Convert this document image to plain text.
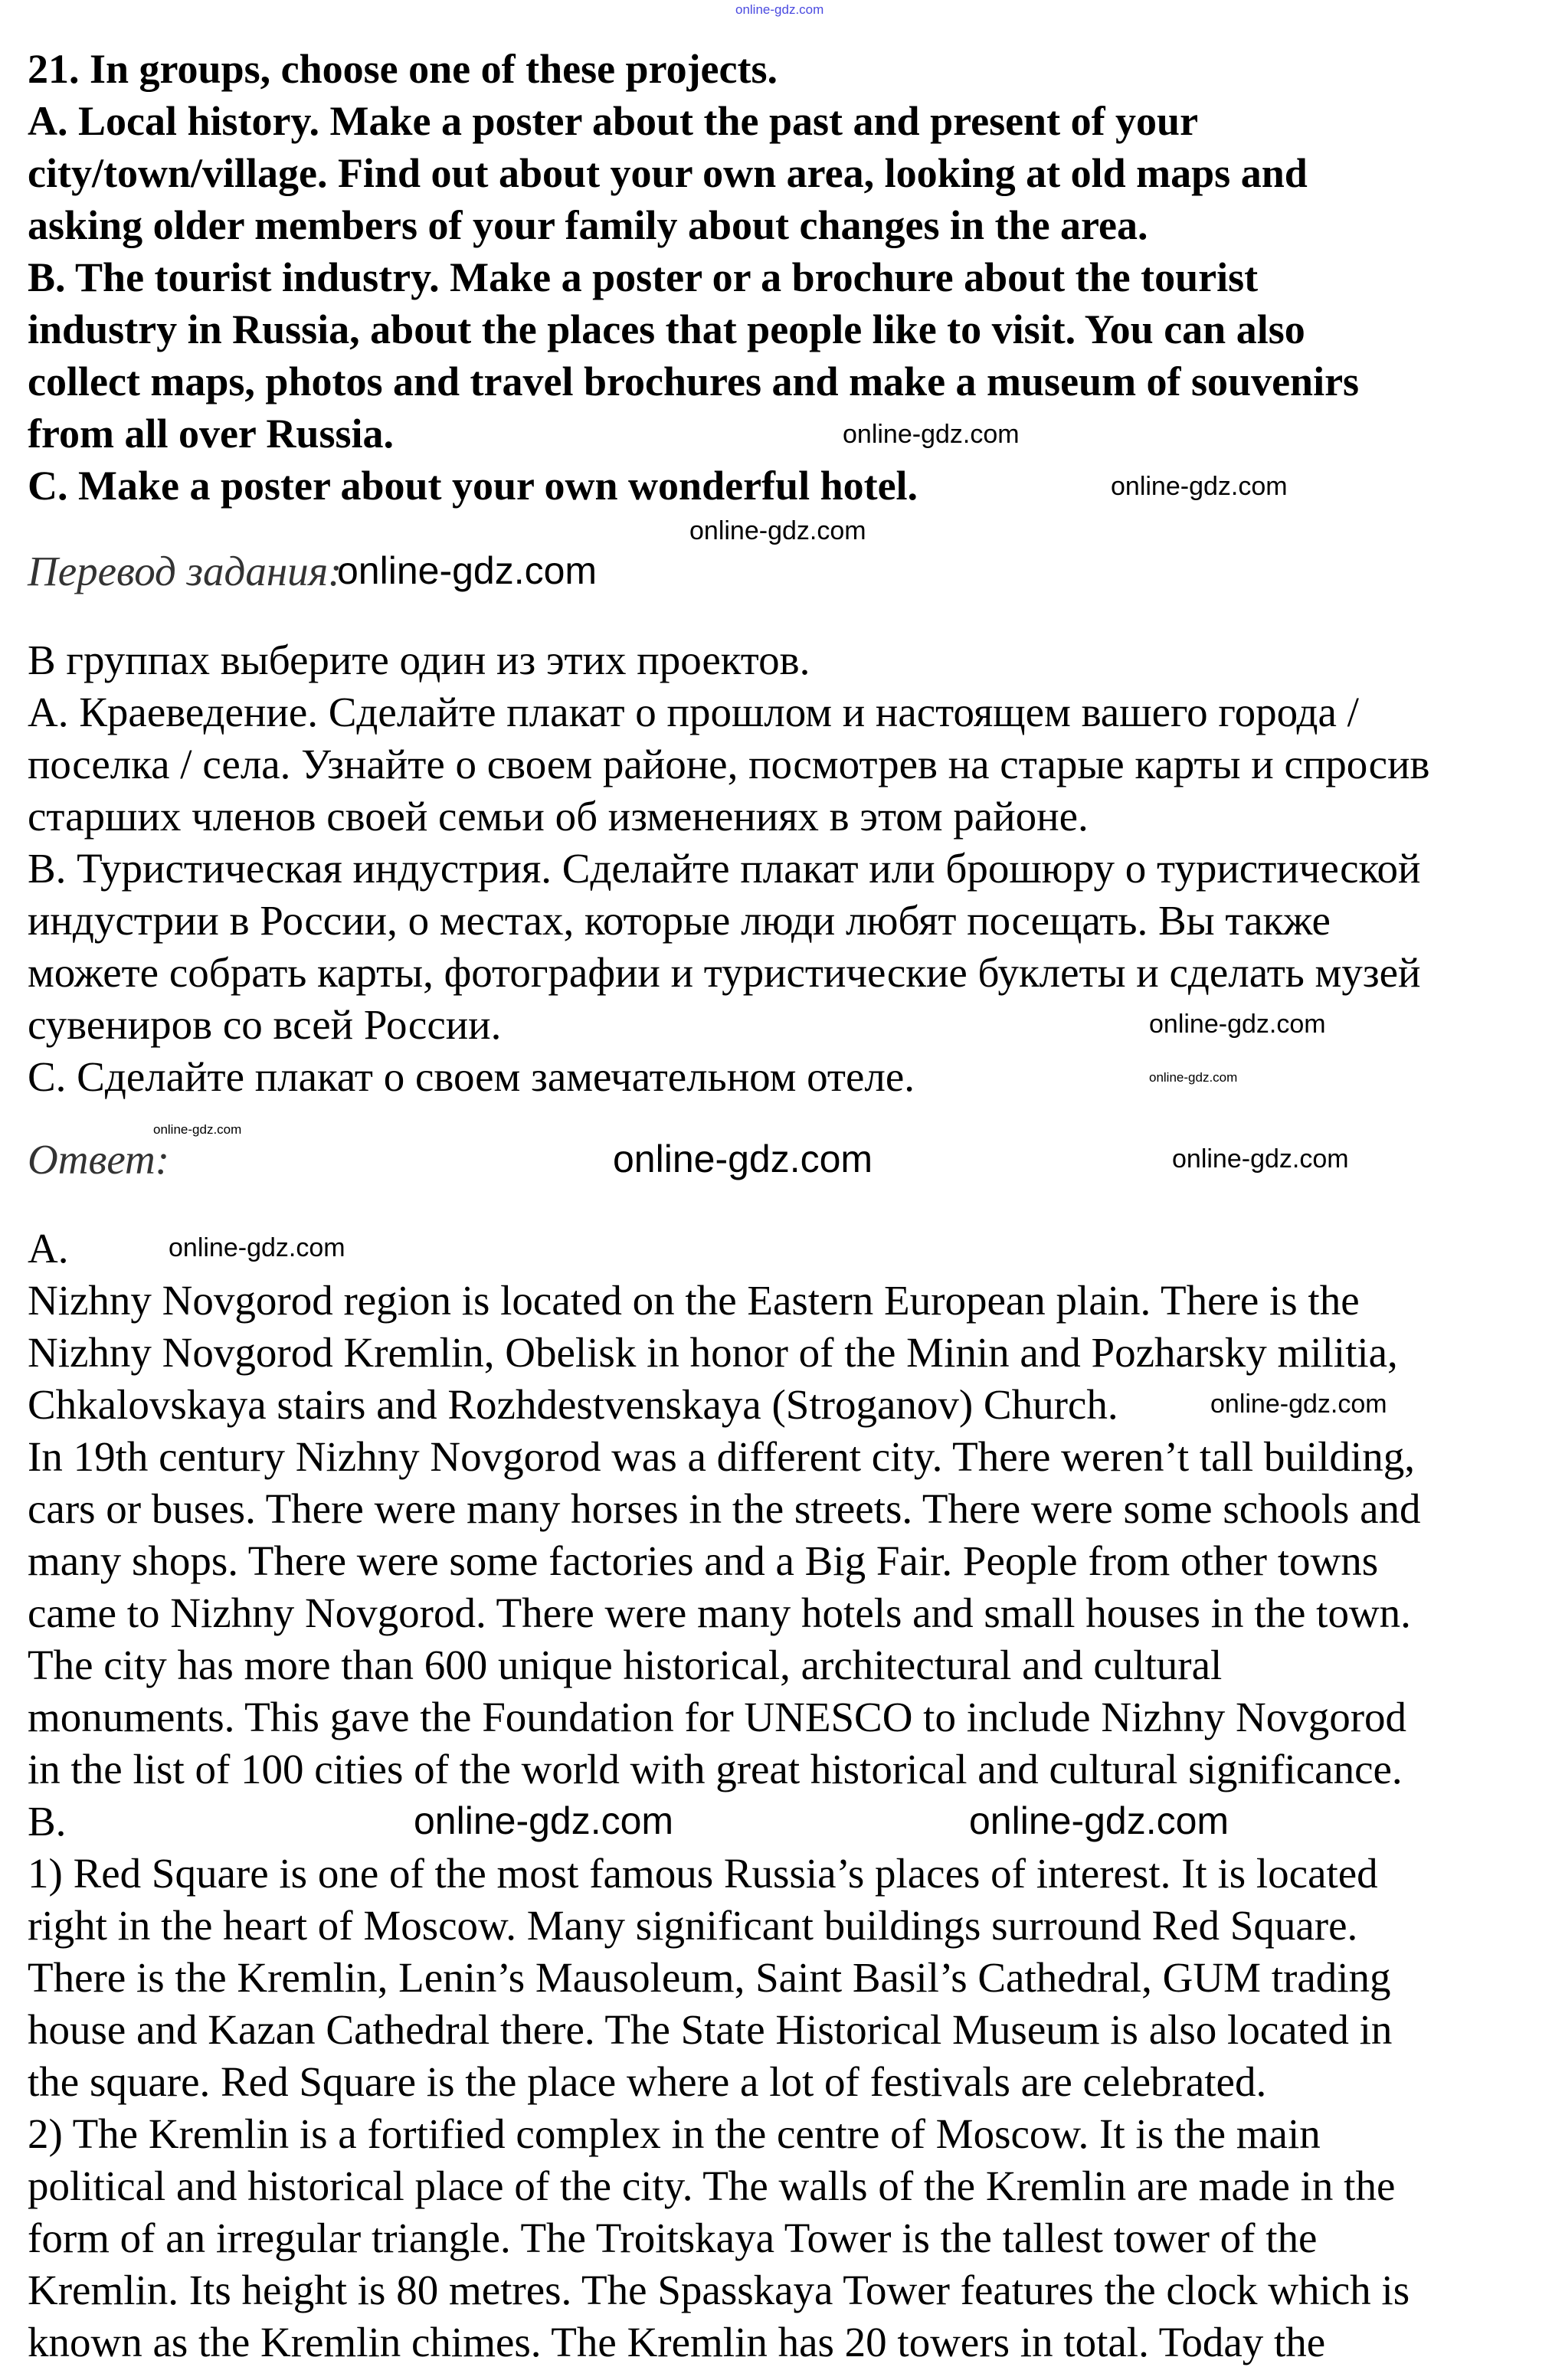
21. In groups, choose one of these projects.
A. Local history. Make a poster about the past and present of your
city/town/village. Find out about your own area, looking at old maps and
asking older members of your family about changes in the area.
B. The tourist industry. Make a poster or a brochure about the tourist
industry in Russia, about the places that people like to visit. You can also
collect maps, photos and travel brochures and make a museum of souvenirs
from all over Russia.
C. Make a poster about your own wonderful hotel.
Перевод задания:
В группах выберите один из этих проектов.
A. Краеведение. Сделайте плакат о прошлом и настоящем вашего города /
поселка / села. Узнайте о своем районе, посмотрев на старые карты и спросив
старших членов своей семьи об изменениях в этом районе.
B. Туристическая индустрия. Сделайте плакат или брошюру о туристической
индустрии в России, о местах, которые люди любят посещать. Вы также
можете собрать карты, фотографии и туристические буклеты и сделать музей
сувениров со всей России.
C. Сделайте плакат о своем замечательном отеле.
Ответ:
A.
Nizhny Novgorod region is located on the Eastern European plain. There is the
Nizhny Novgorod Kremlin, Obelisk in honor of the Minin and Pozharsky militia,
Chkalovskaya stairs and Rozhdestvenskaya (Stroganov) Church.
In 19th century Nizhny Novgorod was a different city. There weren’t tall building,
cars or buses. There were many horses in the streets. There were some schools and
many shops. There were some factories and a Big Fair. People from other towns
came to Nizhny Novgorod. There were many hotels and small houses in the town.
The city has more than 600 unique historical, architectural and cultural
monuments. This gave the Foundation for UNESCO to include Nizhny Novgorod
in the list of 100 cities of the world with great historical and cultural significance.
B.
1) Red Square is one of the most famous Russia’s places of interest. It is located
right in the heart of Moscow. Many significant buildings surround Red Square.
There is the Kremlin, Lenin’s Mausoleum, Saint Basil’s Cathedral, GUM trading
house and Kazan Cathedral there. The State Historical Museum is also located in
the square. Red Square is the place where a lot of festivals are celebrated.
2) The Kremlin is a fortified complex in the centre of Moscow. It is the main
political and historical place of the city. The walls of the Kremlin are made in the
form of an irregular triangle. The Troitskaya Tower is the tallest tower of the
Kremlin. Its height is 80 metres. The Spasskaya Tower features the clock which is
known as the Kremlin chimes. The Kremlin has 20 towers in total. Today the
online-gdz.com
online-gdz.com
online-gdz.com
online-gdz.com
online-gdz.com
online-gdz.com
online-gdz.com
online-gdz.com	online-gdz.com
online-gdz.com
online-gdz.com
online-gdz.com	online-gdz.com
online-gdz.com
